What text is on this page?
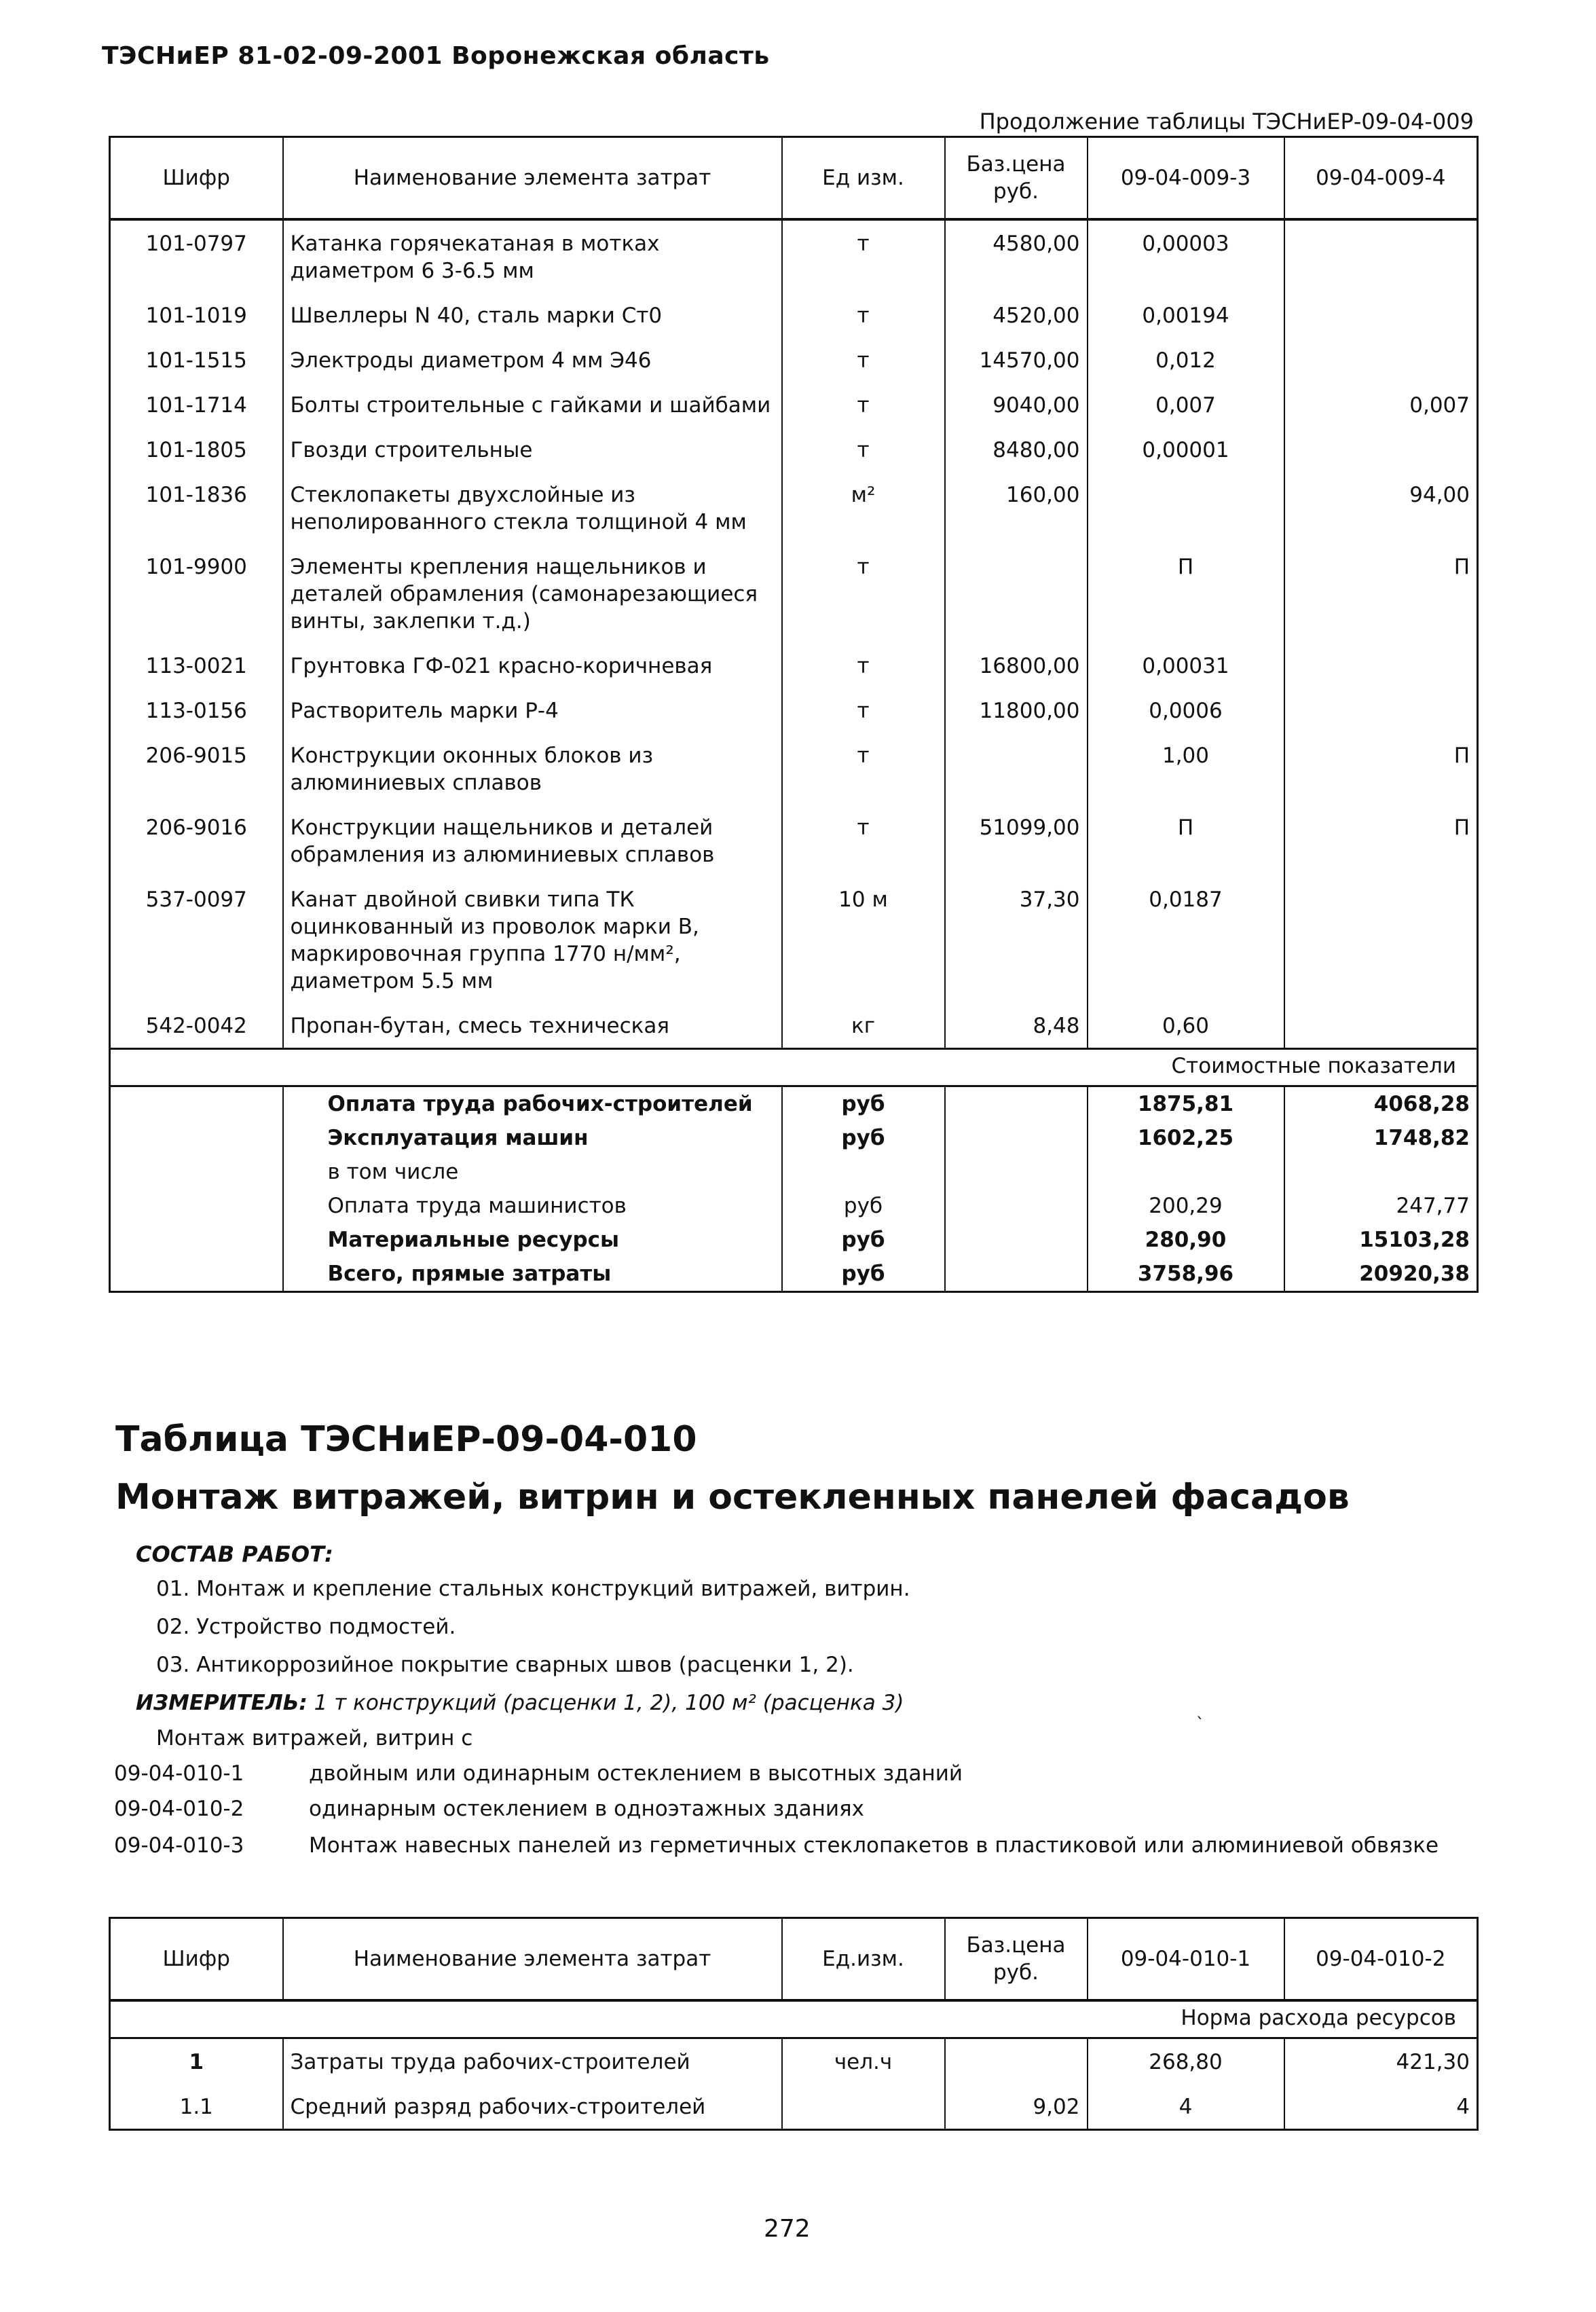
ТЭСНиЕР 81-02-09-2001 Воронежская область
Продолжение таблицы ТЭСНиЕР-09-04-009
Шифр	Наименование элемента затрат	Ед изм.	Баз.цена руб.	09-04-009-3	09-04-009-4
101-0797	Катанка горячекатаная в мотках диаметром 6 3-6.5 мм	т	4580,00	0,00003	
101-1019	Швеллеры N 40, сталь марки Ст0	т	4520,00	0,00194	
101-1515	Электроды диаметром 4 мм Э46	т	14570,00	0,012	
101-1714	Болты строительные с гайками и шайбами	т	9040,00	0,007	0,007
101-1805	Гвозди строительные	т	8480,00	0,00001	
101-1836	Стеклопакеты двухслойные из неполированного стекла толщиной 4 мм	м²	160,00		94,00
101-9900	Элементы крепления нащельников и деталей обрамления (самонарезающиеся винты, заклепки т.д.)	т		П	П
113-0021	Грунтовка ГФ-021 красно-коричневая	т	16800,00	0,00031	
113-0156	Растворитель марки Р-4	т	11800,00	0,0006	
206-9015	Конструкции оконных блоков из алюминиевых сплавов	т		1,00	П
206-9016	Конструкции нащельников и деталей обрамления из алюминиевых сплавов	т	51099,00	П	П
537-0097	Канат двойной свивки типа ТК оцинкованный из проволок марки В, маркировочная группа 1770 н/мм², диаметром 5.5 мм	10 м	37,30	0,0187	
542-0042	Пропан-бутан, смесь техническая	кг	8,48	0,60	
Стоимостные показатели					
	Оплата труда рабочих-строителей	руб		1875,81	4068,28
	Эксплуатация машин	руб		1602,25	1748,82
	в том числе				
	Оплата труда машинистов	руб		200,29	247,77
	Материальные ресурсы	руб		280,90	15103,28
	Всего, прямые затраты	руб		3758,96	20920,38
Таблица ТЭСНиЕР-09-04-010
Монтаж витражей, витрин и остекленных панелей фасадов
СОСТАВ РАБОТ:
01. Монтаж и крепление стальных конструкций витражей, витрин.
02. Устройство подмостей.
03. Антикоррозийное покрытие сварных швов (расценки 1, 2).
ИЗМЕРИТЕЛЬ: 1 т конструкций (расценки 1, 2), 100 м² (расценка 3)
`
Монтаж витражей, витрин с
09-04-010-1	двойным или одинарным остеклением в высотных зданий
09-04-010-2	одинарным остеклением в одноэтажных зданиях
09-04-010-3	Монтаж навесных панелей из герметичных стеклопакетов в пластиковой или алюминиевой обвязке
Шифр	Наименование элемента затрат	Ед.изм.	Баз.цена руб.	09-04-010-1	09-04-010-2
Норма расхода ресурсов					
1	Затраты труда рабочих-строителей	чел.ч		268,80	421,30
1.1	Средний разряд рабочих-строителей		9,02	4	4
272
